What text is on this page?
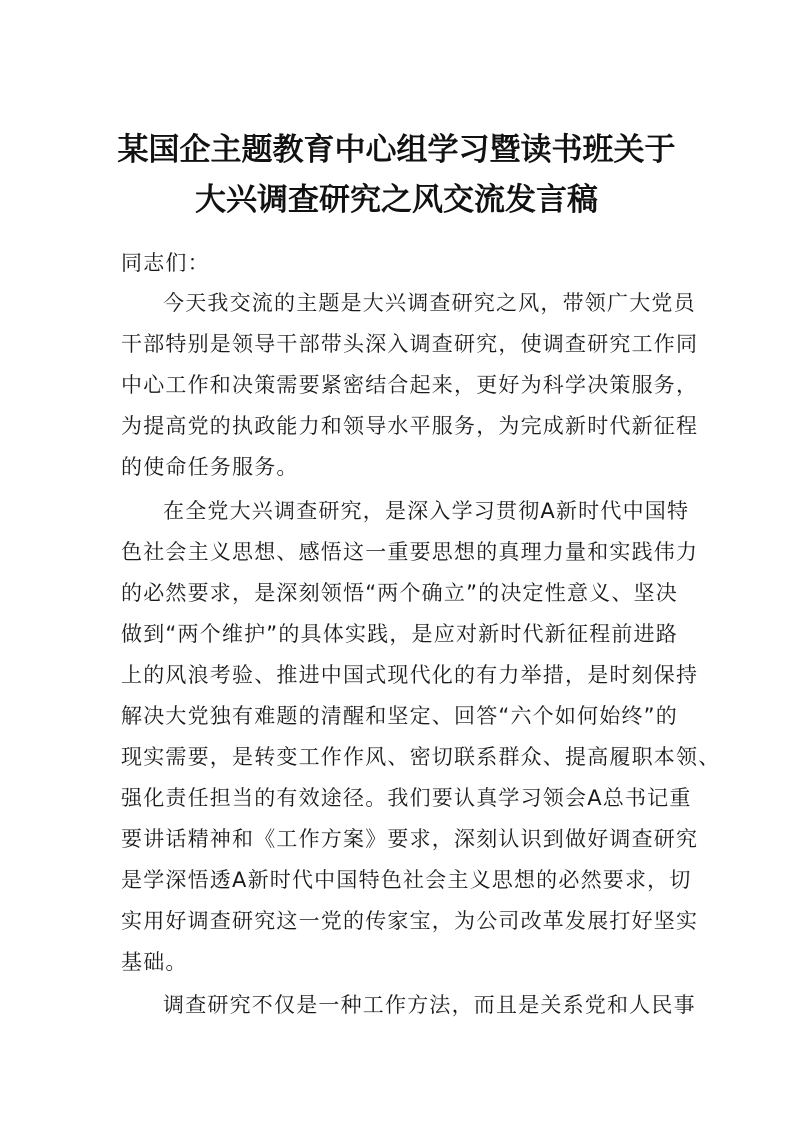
某国企主题教育中心组学习暨读书班关于
大兴调查研究之风交流发言稿
同志们：
今天我交流的主题是大兴调查研究之风，带领广大党员
干部特别是领导干部带头深入调查研究，使调查研究工作同
中心工作和决策需要紧密结合起来，更好为科学决策服务，
为提高党的执政能力和领导水平服务，为完成新时代新征程
的使命任务服务。
在全党大兴调查研究，是深入学习贯彻A新时代中国特
色社会主义思想、感悟这一重要思想的真理力量和实践伟力
的必然要求，是深刻领悟“两个确立”的决定性意义、坚决
做到“两个维护”的具体实践，是应对新时代新征程前进路
上的风浪考验、推进中国式现代化的有力举措，是时刻保持
解决大党独有难题的清醒和坚定、回答“六个如何始终”的
现实需要，是转变工作作风、密切联系群众、提高履职本领、
强化责任担当的有效途径。我们要认真学习领会A总书记重
要讲话精神和《工作方案》要求，深刻认识到做好调查研究
是学深悟透A新时代中国特色社会主义思想的必然要求，切
实用好调查研究这一党的传家宝，为公司改革发展打好坚实
基础。
调查研究不仅是一种工作方法，而且是关系党和人民事
